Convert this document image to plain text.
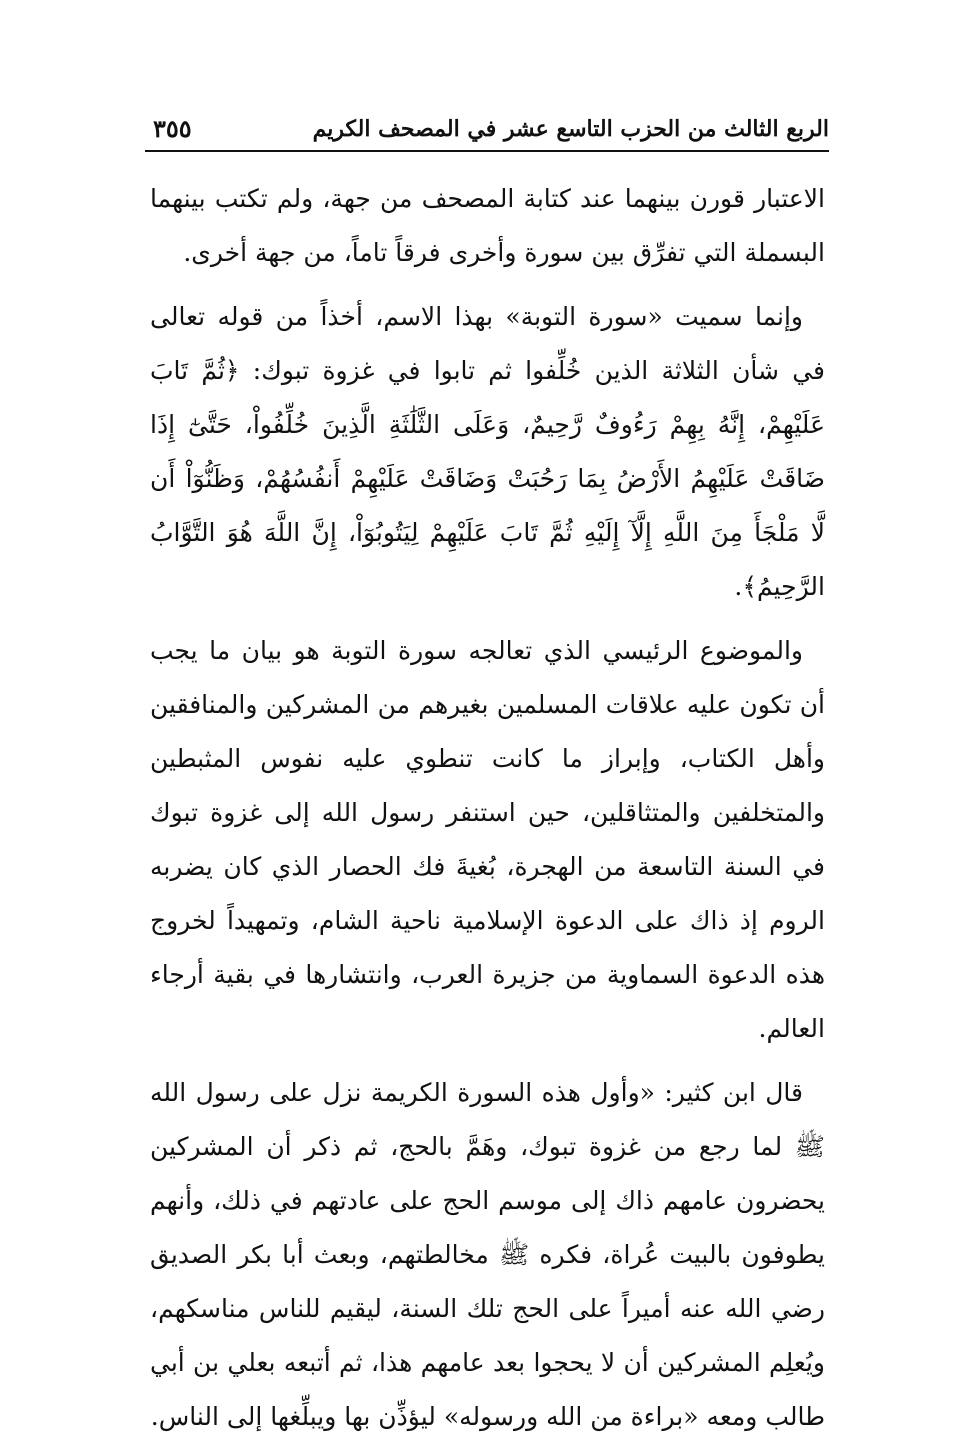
الربع الثالث من الحزب التاسع عشر في المصحف الكريم
٣٥٥

الاعتبار قورن بينهما عند كتابة المصحف من جهة، ولم تكتب بينهما البسملة التي تفرِّق بين سورة وأخرى فرقاً تاماً، من جهة أخرى.

وإنما سميت «سورة التوبة» بهذا الاسم، أخذاً من قوله تعالى في شأن الثلاثة الذين خُلِّفوا ثم تابوا في غزوة تبوك: ﴿ثُمَّ تَابَ عَلَيْهِمْ، إِنَّهُ بِهِمْ رَءُوفٌ رَّحِيمٌ، وَعَلَى الثَّلَٰثَةِ الَّذِينَ خُلِّفُواْ، حَتَّىٰٓ إِذَا ضَاقَتْ عَلَيْهِمُ الأَرْضُ بِمَا رَحُبَتْ وَضَاقَتْ عَلَيْهِمْ أَنفُسُهُمْ، وَظَنُّوٓاْ أَن لَّا مَلْجَأَ مِنَ اللَّهِ إِلَّآ إِلَيْهِ ثُمَّ تَابَ عَلَيْهِمْ لِيَتُوبُوٓاْ، إِنَّ اللَّهَ هُوَ التَّوَّابُ الرَّحِيمُ﴾.

والموضوع الرئيسي الذي تعالجه سورة التوبة هو بيان ما يجب أن تكون عليه علاقات المسلمين بغيرهم من المشركين والمنافقين وأهل الكتاب، وإبراز ما كانت تنطوي عليه نفوس المثبطين والمتخلفين والمتثاقلين، حين استنفر رسول الله إلى غزوة تبوك في السنة التاسعة من الهجرة، بُغيةَ فك الحصار الذي كان يضربه الروم إذ ذاك على الدعوة الإسلامية ناحية الشام، وتمهيداً لخروج هذه الدعوة السماوية من جزيرة العرب، وانتشارها في بقية أرجاء العالم.

قال ابن كثير: «وأول هذه السورة الكريمة نزل على رسول الله ﷺ لما رجع من غزوة تبوك، وهَمَّ بالحج، ثم ذكر أن المشركين يحضرون عامهم ذاك إلى موسم الحج على عادتهم في ذلك، وأنهم يطوفون بالبيت عُراة، فكره ﷺ مخالطتهم، وبعث أبا بكر الصديق رضي الله عنه أميراً على الحج تلك السنة، ليقيم للناس مناسكهم، ويُعلِم المشركين أن لا يحجوا بعد عامهم هذا، ثم أتبعه بعلي بن أبي طالب ومعه «براءة من الله ورسوله» ليؤذِّن بها ويبلِّغها إلى الناس.
